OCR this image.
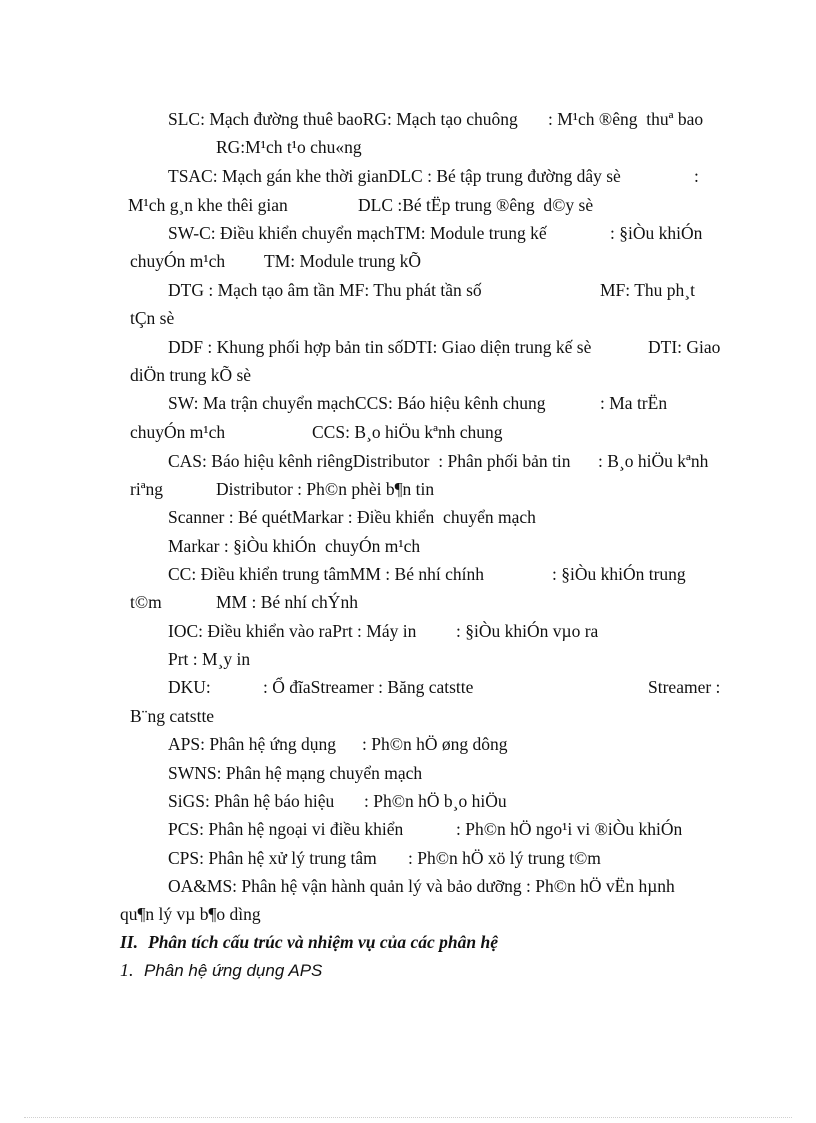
SLC: Mạch đường thuê baoRG: Mạch tạo chuông : M¹ch ®êng  thuª bao
RG:M¹ch t¹o chu«ng
TSAC: Mạch gán khe thời gianDLC : Bé tập trung đường dây sè	:
M¹ch g¸n khe thêi gian	DLC :Bé tËp trung ®êng  d©y sè
SW-C: Điều khiển chuyển mạchTM: Module trung kế	: §iÒu khiÓn
chuyÓn m¹ch TM: Module trung kÕ
DTG : Mạch tạo âm tần MF: Thu phát tần số	MF: Thu ph¸t
tÇn sè
DDF : Khung phối hợp bản tin sốDTI: Giao diện trung kế sè	DTI: Giao
diÖn trung kÕ sè
SW: Ma trận chuyển mạchCCS: Báo hiệu kênh chung	: Ma trËn
chuyÓn m¹ch	CCS: B¸o hiÖu kªnh chung
CAS: Báo hiệu kênh riêngDistributor  : Phân phối bản tin : B¸o hiÖu kªnh
riªng	Distributor : Ph©n phèi b¶n tin
Scanner : Bé quétMarkar : Điều khiển  chuyển mạch
Markar : §iÒu khiÓn  chuyÓn m¹ch
CC: Điều khiển trung tâmMM : Bé nhí chính	: §iÒu khiÓn trung
t©m	MM : Bé nhí chÝnh
IOC: Điều khiển vào raPrt : Máy in : §iÒu khiÓn vµo ra
Prt : M¸y in
DKU:	: Ổ đĩaStreamer : Băng catstte	Streamer :
B¨ng catstte
APS: Phân hệ ứng dụng : Ph©n hÖ øng dông
SWNS: Phân hệ mạng chuyển mạch
SiGS: Phân hệ báo hiệu : Ph©n hÖ b¸o hiÖu
PCS: Phân hệ ngoại vi điều khiển	: Ph©n hÖ ngo¹i vi ®iÒu khiÓn
CPS: Phân hệ xử lý trung tâm : Ph©n hÖ xö lý trung t©m
OA&MS: Phân hệ vận hành quản lý và bảo dưỡng : Ph©n hÖ vËn hµnh
qu¶n lý vµ b¶o dìng
II. Phân tích cấu trúc và nhiệm vụ của các phân hệ
1. Phân hệ ứng dụng APS
